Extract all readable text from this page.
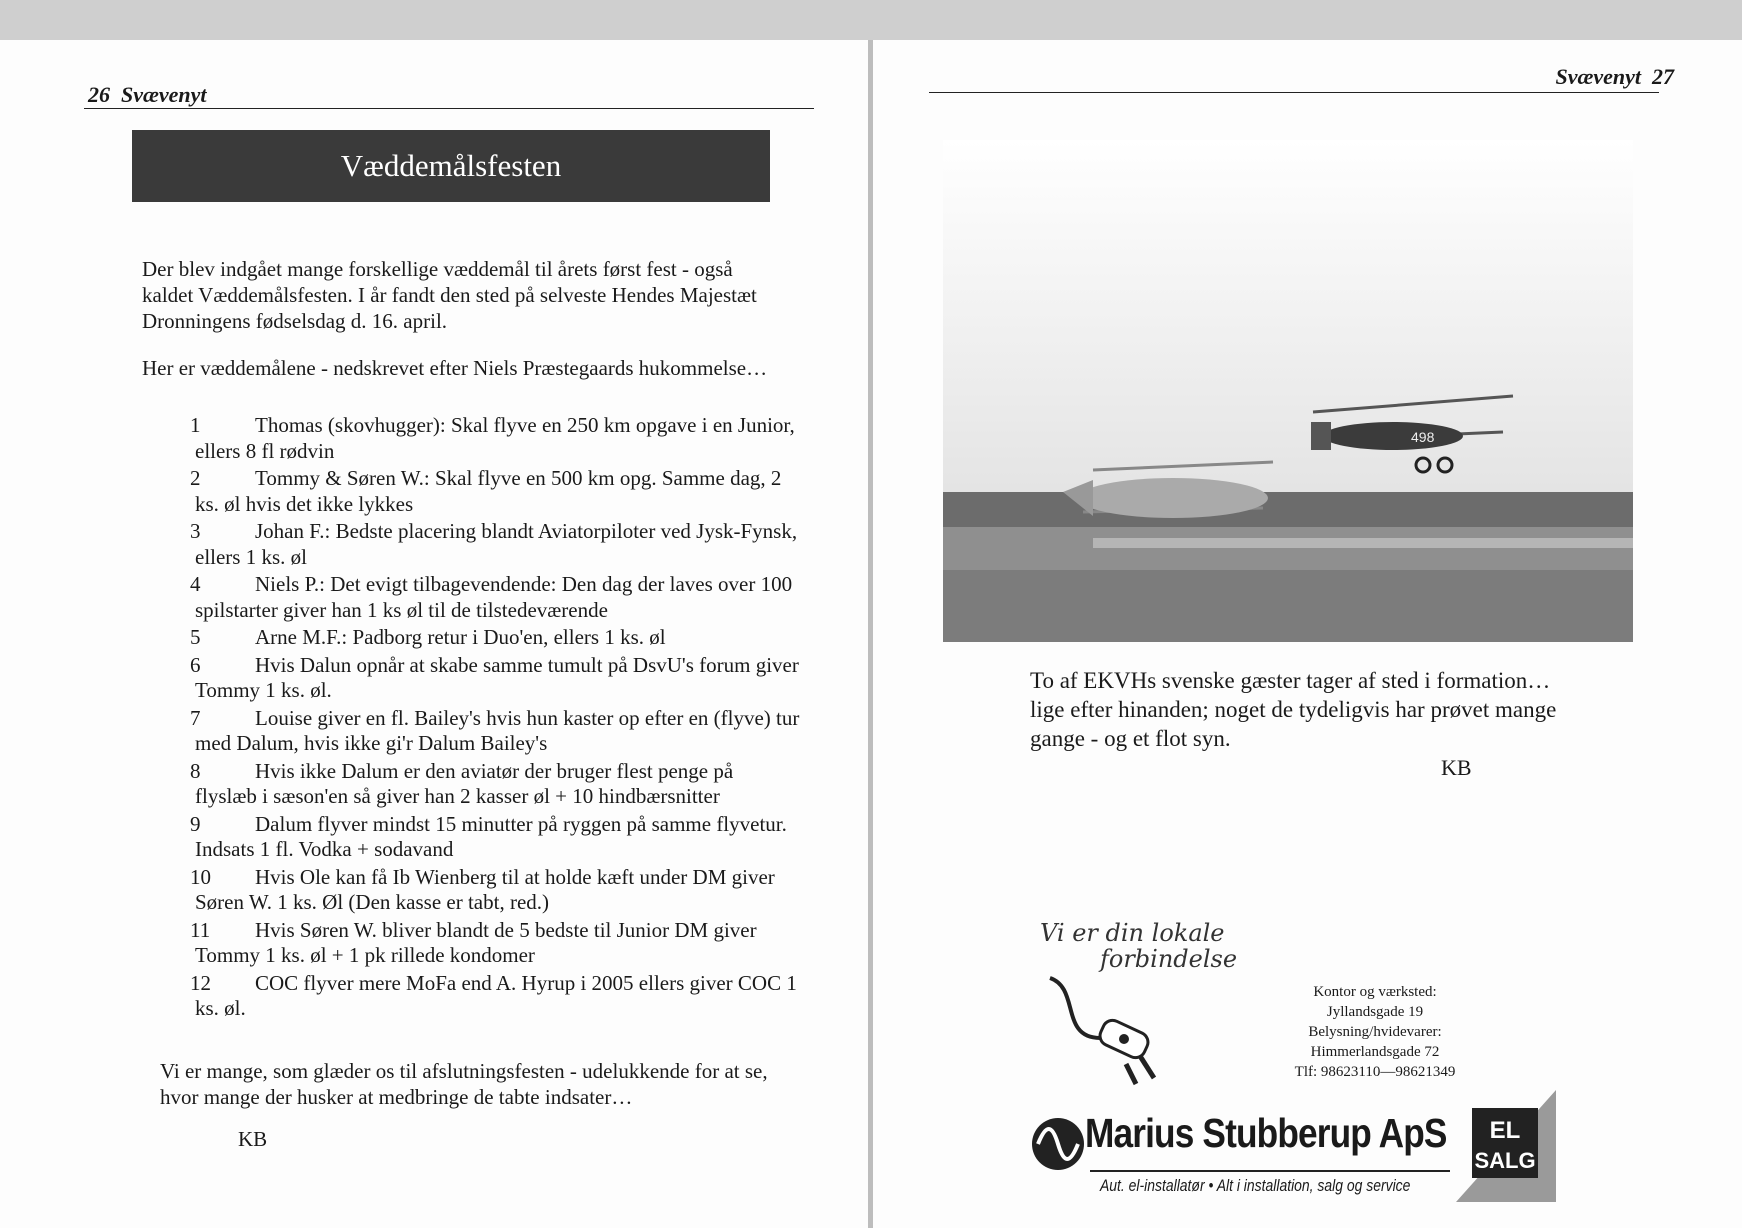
26 Svævenyt
Væddemålsfesten
Der blev indgået mange forskellige væddemål til årets først fest - også kaldet Væddemålsfesten. I år fandt den sted på selveste Hendes Majestæt Dronningens fødselsdag d. 16. april.
Her er væddemålene - nedskrevet efter Niels Præstegaards hukommelse…
1	Thomas (skovhugger): Skal flyve en 250 km opgave i en Junior, ellers 8 fl rødvin
2	Tommy & Søren W.: Skal flyve en 500 km opg. Samme dag, 2 ks. øl hvis det ikke lykkes
3	Johan F.: Bedste placering blandt Aviatorpiloter ved Jysk-Fynsk, ellers 1 ks. øl
4	Niels P.: Det evigt tilbagevendende: Den dag der laves over 100 spilstarter giver han 1 ks øl til de tilstedeværende
5	Arne M.F.: Padborg retur i Duo'en, ellers 1 ks. øl
6	Hvis Dalun opnår at skabe samme tumult på DsvU's forum giver Tommy 1 ks. øl.
7	Louise giver en fl. Bailey's hvis hun kaster op efter en (flyve) tur med Dalum, hvis ikke gi'r Dalum Bailey's
8	Hvis ikke Dalum er den aviatør der bruger flest penge på flyslæb i sæson'en så giver han 2 kasser øl + 10 hindbærsnitter
9	Dalum flyver mindst 15 minutter på ryggen på samme flyvetur. Indsats 1 fl. Vodka + sodavand
10	Hvis Ole kan få Ib Wienberg til at holde kæft under DM giver Søren W. 1 ks. Øl (Den kasse er tabt, red.)
11	Hvis Søren W. bliver blandt de 5 bedste til Junior DM giver Tommy 1 ks. øl + 1 pk rillede kondomer
12	COC flyver mere MoFa end A. Hyrup i 2005 ellers giver COC 1 ks. øl.
Vi er mange, som glæder os til afslutningsfesten - udelukkende for at se, hvor mange der husker at medbringe de tabte indsater…
KB
Svævenyt 27
498
To af EKVHs svenske gæster tager af sted i formation… lige efter hinanden; noget de tydeligvis har prøvet mange gange - og et flot syn.
KB
Vi er din lokale
forbindelse
Kontor og værksted:
Jyllandsgade 19
Belysning/hvidevarer:
Himmerlandsgade 72
Tlf: 98623110—98621349
Marius Stubberup ApS
Aut. el-installatør • Alt i installation, salg og service
EL
SALG
